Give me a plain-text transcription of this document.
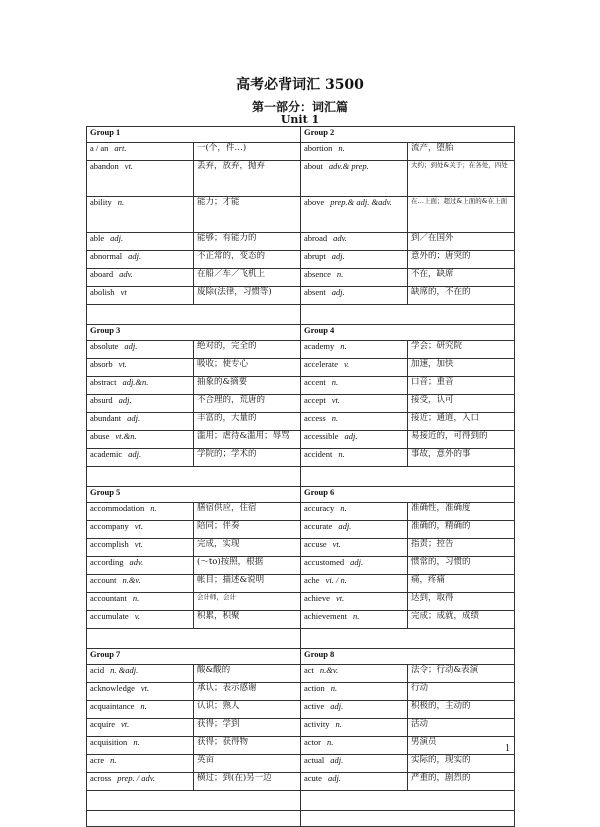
高考必背词汇 3500
第一部分：词汇篇
Unit 1
Group 1		Group 2	
a / an art.	一(个，件…)	abortion n.	流产，堕胎
abandon vt.	丢弃，放弃，抛弃	about adv.& prep.	大约；到处&关于；在各处，四处
ability n.	能力；才能	above prep.& adj. &adv.	在…上面；超过&上面的&在上面
able adj.	能够；有能力的	abroad adv.	到／在国外
abnormal adj.	不正常的，变态的	abrupt adj.	意外的；唐突的
aboard adv.	在船／车／飞机上	absence n.	不在，缺席
abolish vt	废除(法律，习惯等)	absent adj.	缺席的，不在的

Group 3		Group 4	
absolute adj.	绝对的，完全的	academy n.	学会；研究院
absorb vt.	吸收；使专心	accelerate v.	加速，加快
abstract adj.&n.	抽象的&摘要	accent n.	口音；重音
absurd adj.	不合理的，荒唐的	accept vt.	接受，认可
abundant adj.	丰富的，大量的	access n.	接近；通道，入口
abuse vt.&n.	滥用；虐待&滥用；辱骂	accessible adj.	易接近的，可得到的
academic adj.	学院的；学术的	accident n.	事故，意外的事

Group 5		Group 6	
accommodation n.	膳宿供应，住宿	accuracy n.	准确性，准确度
accompany vt.	陪同；伴奏	accurate adj.	准确的，精确的
accomplish vt.	完成，实现	accuse vt.	指责；控告
according adv.	(～to)按照，根据	accustomed adj.	惯常的，习惯的
account n.&v.	帐目；描述&说明	ache vi. / n.	痛，疼痛
accountant n.	会计师，会计	achieve vt.	达到，取得
accumulate v.	积累，积聚	achievement n.	完成；成就，成绩

Group 7		Group 8	
acid n. &adj.	酸&酸的	act n.&v.	法令；行动&表演
acknowledge vt.	承认；表示感谢	action n.	行动
acquaintance n.	认识；熟人	active adj.	积极的，主动的
acquire vt.	获得；学到	activity n.	活动
acquisition n.	获得；获得物	actor n.	男演员
acre n.	英亩	actual adj.	实际的，现实的
across prep. / adv.	横过；到(在)另一边	acute adj.	严重的，剧烈的

1
